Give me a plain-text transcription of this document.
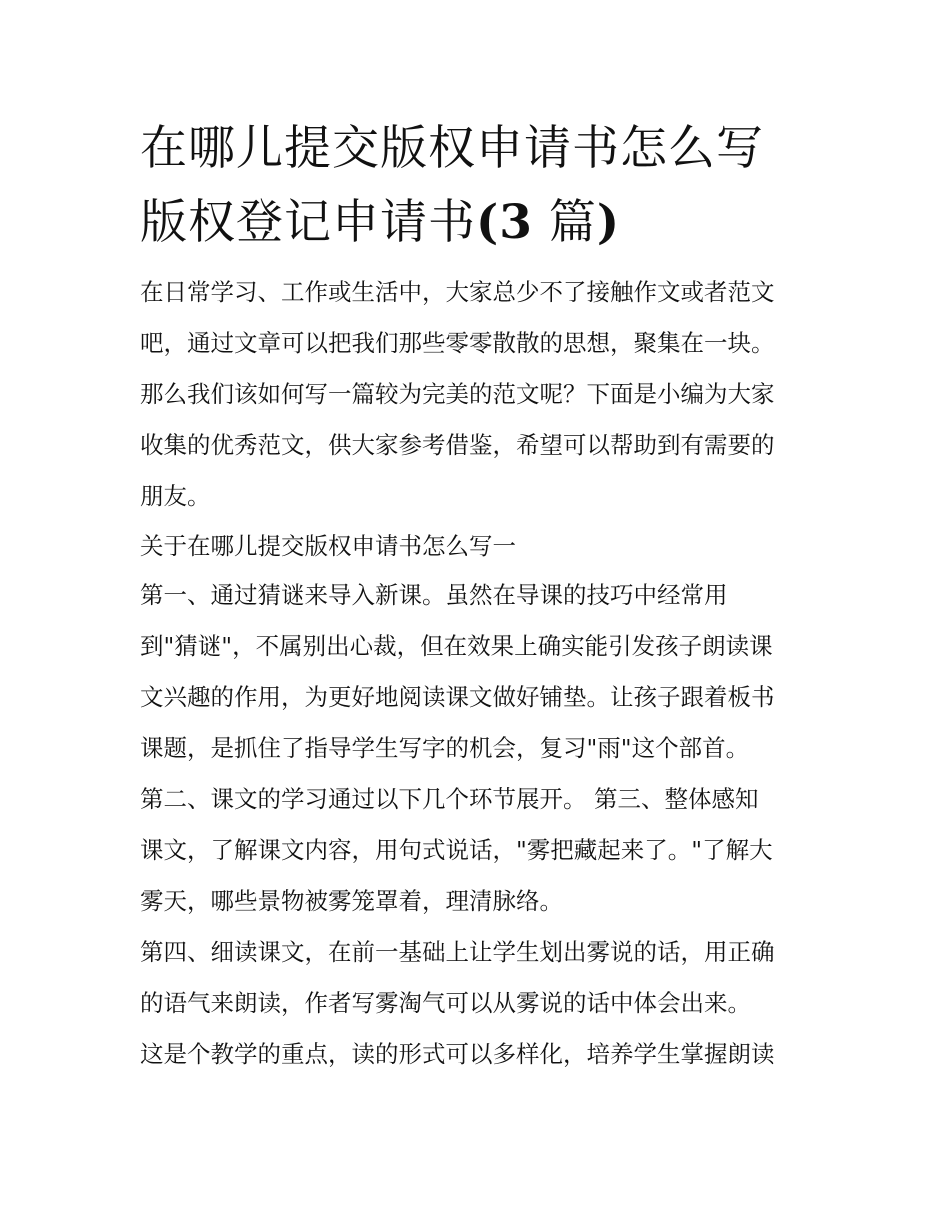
在哪儿提交版权申请书怎么写
版权登记申请书(3 篇)
在日常学习、工作或生活中，大家总少不了接触作文或者范文
吧，通过文章可以把我们那些零零散散的思想，聚集在一块。
那么我们该如何写一篇较为完美的范文呢？下面是小编为大家
收集的优秀范文，供大家参考借鉴，希望可以帮助到有需要的
朋友。
关于在哪儿提交版权申请书怎么写一
第一、通过猜谜来导入新课。虽然在导课的技巧中经常用
到"猜谜"，不属别出心裁，但在效果上确实能引发孩子朗读课
文兴趣的作用，为更好地阅读课文做好铺垫。让孩子跟着板书
课题，是抓住了指导学生写字的机会，复习"雨"这个部首。
第二、课文的学习通过以下几个环节展开。 第三、整体感知
课文，了解课文内容，用句式说话，"雾把藏起来了。"了解大
雾天，哪些景物被雾笼罩着，理清脉络。
第四、细读课文，在前一基础上让学生划出雾说的话，用正确
的语气来朗读，作者写雾淘气可以从雾说的话中体会出来。
这是个教学的重点，读的形式可以多样化，培养学生掌握朗读
